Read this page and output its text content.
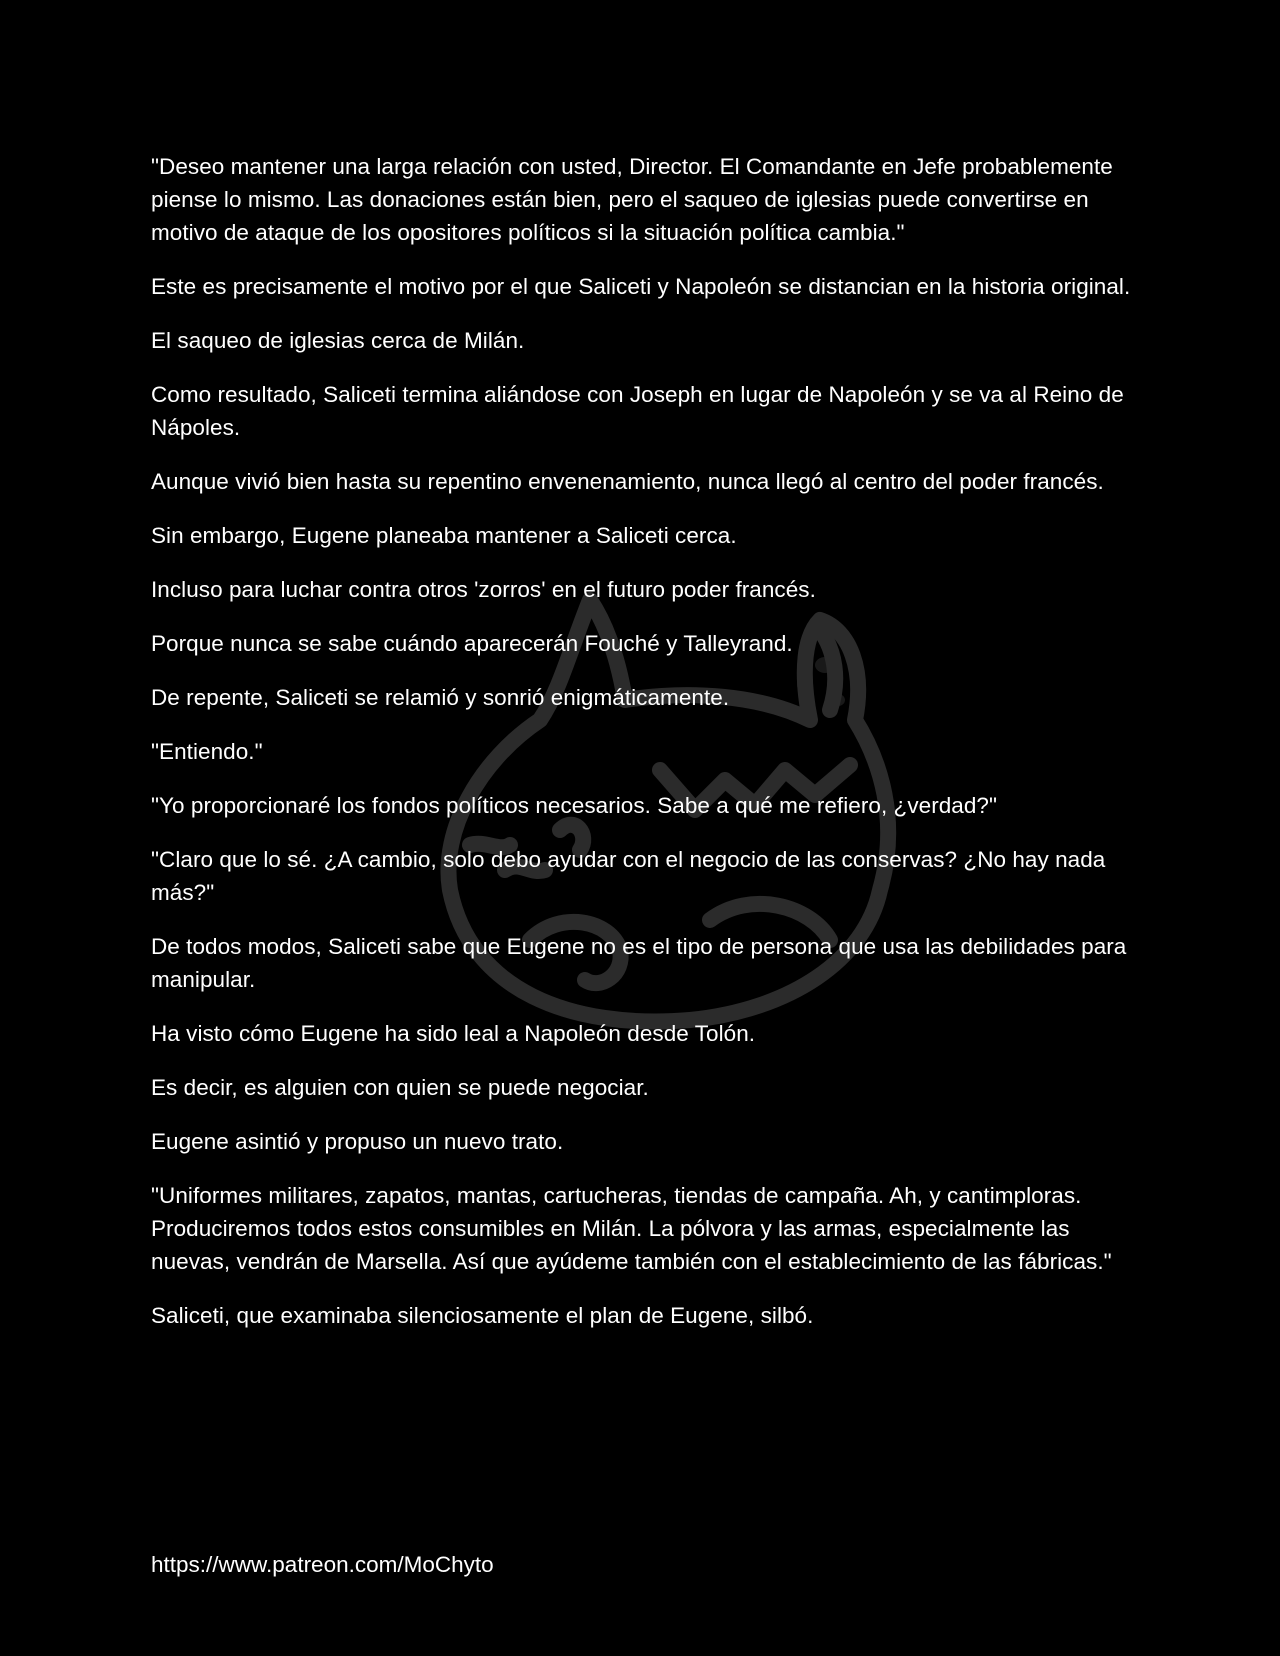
"Deseo mantener una larga relación con usted, Director. El Comandante en Jefe probablemente piense lo mismo. Las donaciones están bien, pero el saqueo de iglesias puede convertirse en motivo de ataque de los opositores políticos si la situación política cambia."

Este es precisamente el motivo por el que Saliceti y Napoleón se distancian en la historia original.

El saqueo de iglesias cerca de Milán.

Como resultado, Saliceti termina aliándose con Joseph en lugar de Napoleón y se va al Reino de Nápoles.

Aunque vivió bien hasta su repentino envenenamiento, nunca llegó al centro del poder francés.

Sin embargo, Eugene planeaba mantener a Saliceti cerca.

Incluso para luchar contra otros 'zorros' en el futuro poder francés.

Porque nunca se sabe cuándo aparecerán Fouché y Talleyrand.

De repente, Saliceti se relamió y sonrió enigmáticamente.

"Entiendo."

"Yo proporcionaré los fondos políticos necesarios. Sabe a qué me refiero, ¿verdad?"

"Claro que lo sé. ¿A cambio, solo debo ayudar con el negocio de las conservas? ¿No hay nada más?"

De todos modos, Saliceti sabe que Eugene no es el tipo de persona que usa las debilidades para manipular.

Ha visto cómo Eugene ha sido leal a Napoleón desde Tolón.

Es decir, es alguien con quien se puede negociar.

Eugene asintió y propuso un nuevo trato.

"Uniformes militares, zapatos, mantas, cartucheras, tiendas de campaña. Ah, y cantimploras. Produciremos todos estos consumibles en Milán. La pólvora y las armas, especialmente las nuevas, vendrán de Marsella. Así que ayúdeme también con el establecimiento de las fábricas."

Saliceti, que examinaba silenciosamente el plan de Eugene, silbó.

https://www.patreon.com/MoChyto
